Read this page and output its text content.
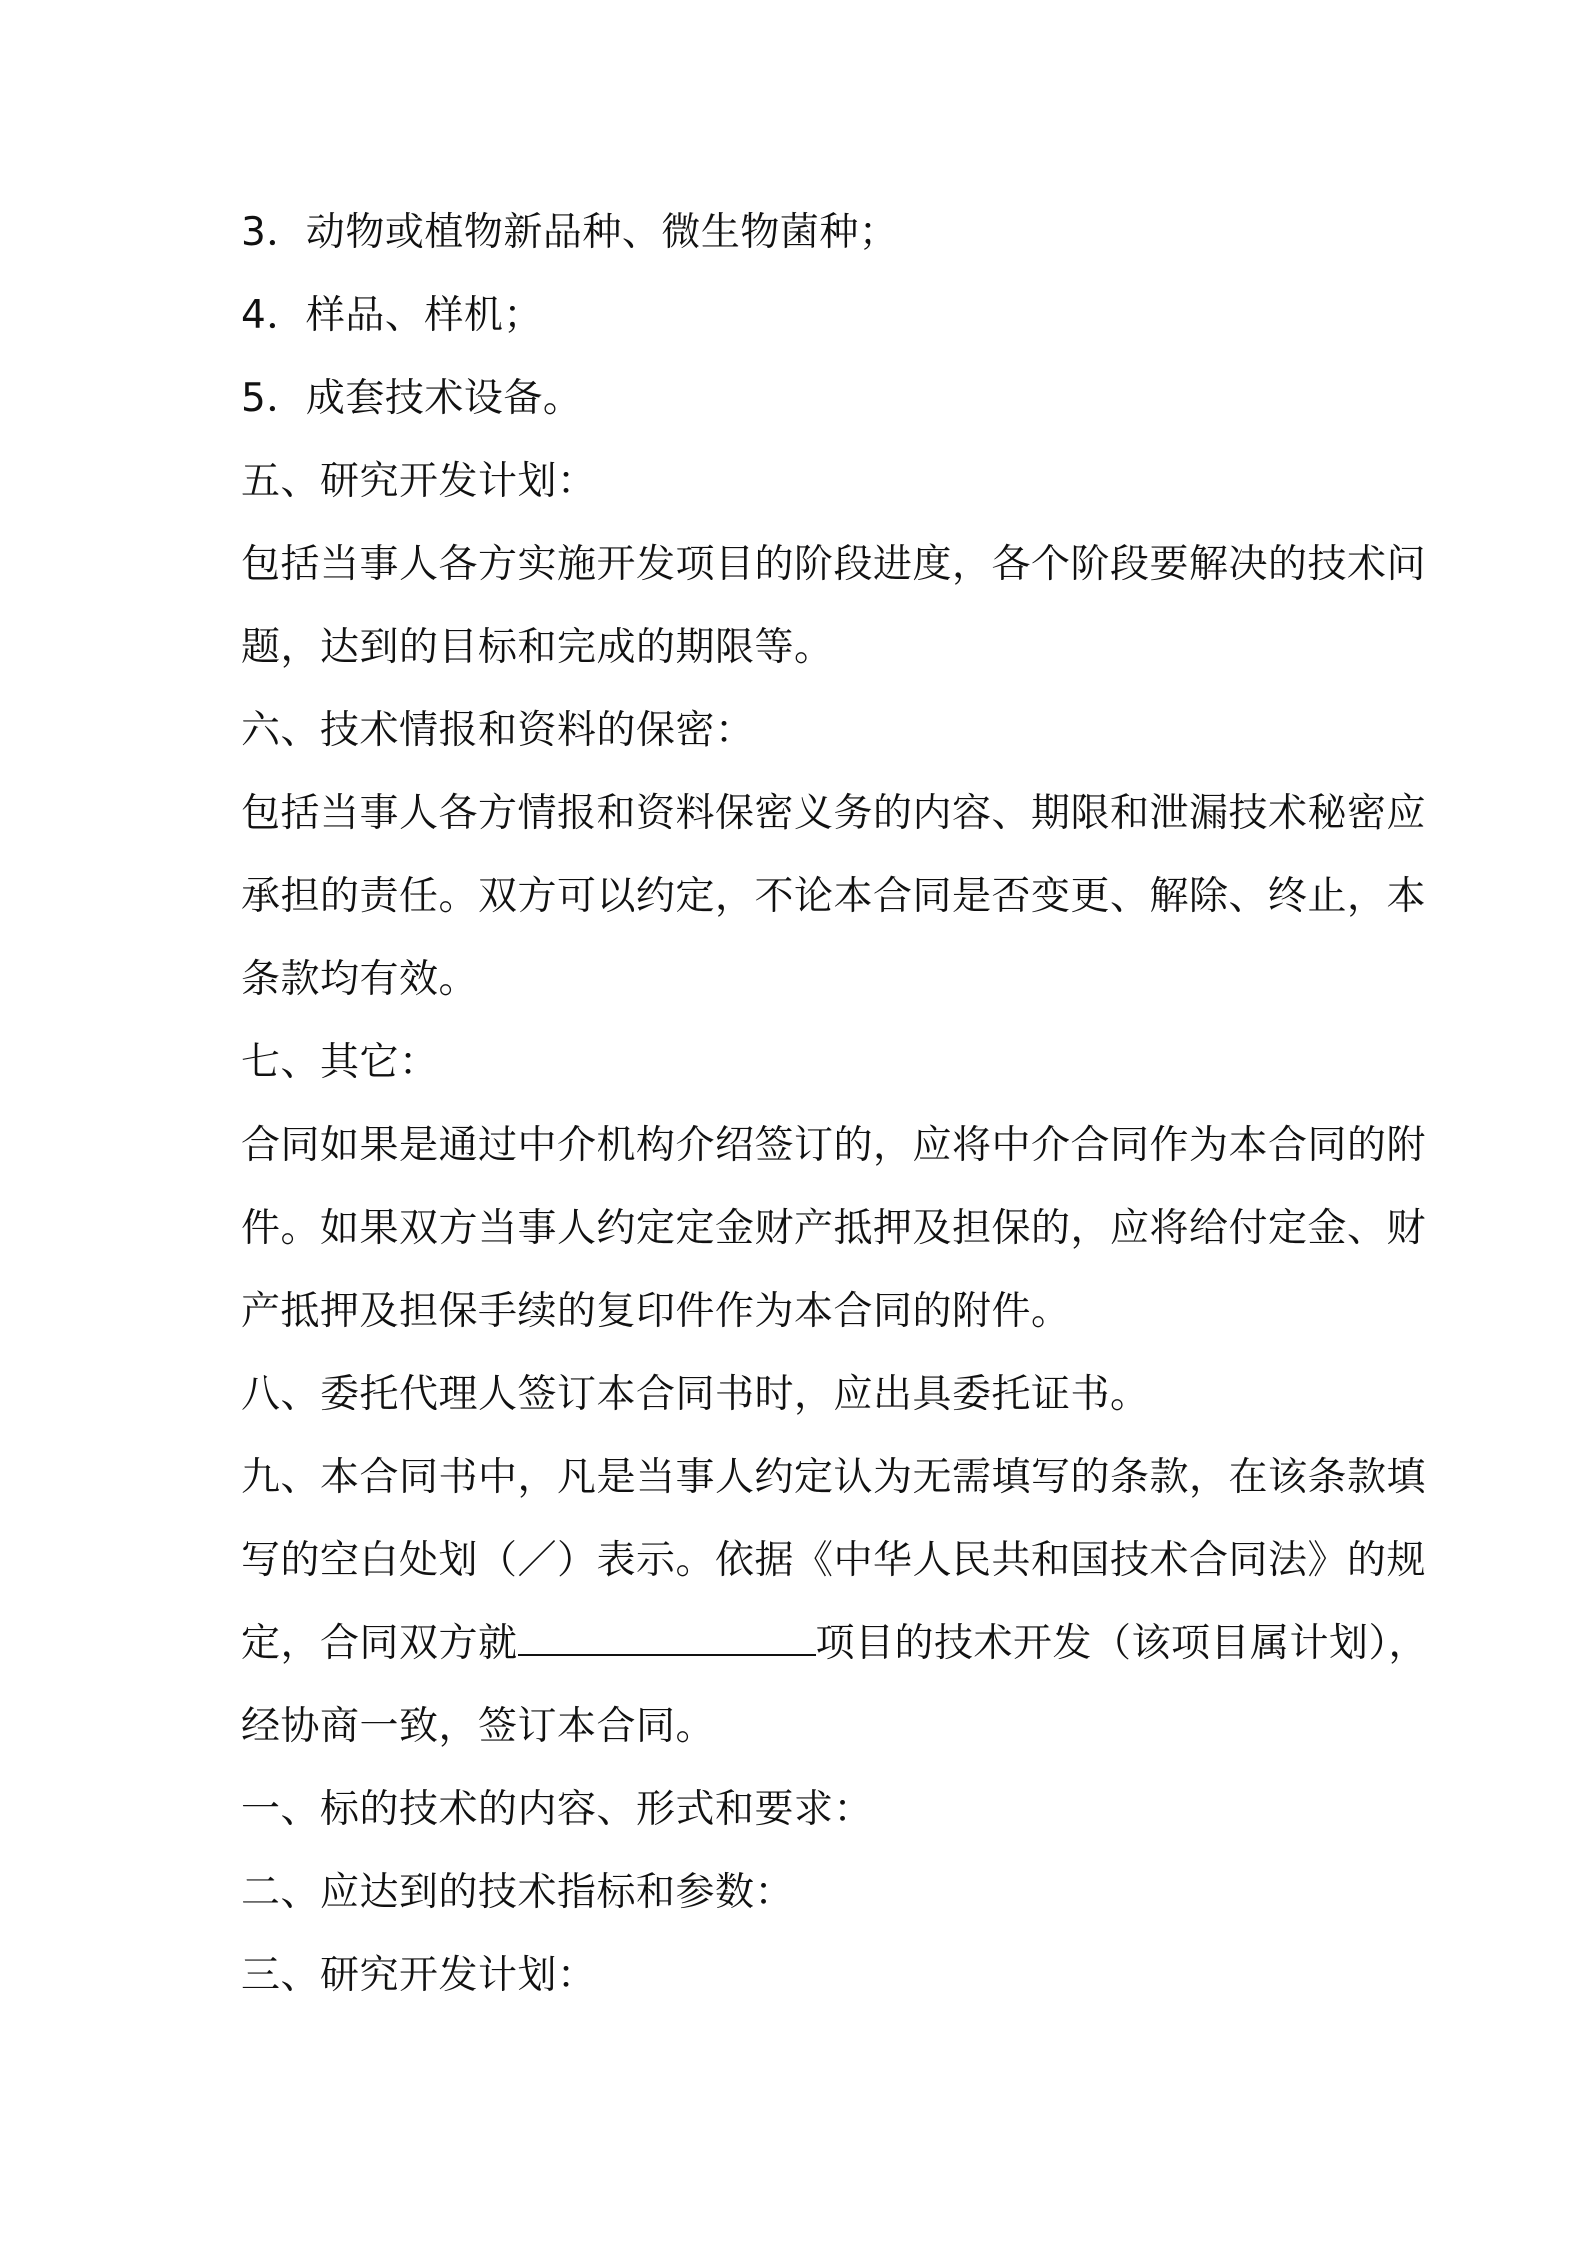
3．动物或植物新品种、微生物菌种；
4．样品、样机；
5．成套技术设备。
五、研究开发计划：
包括当事人各方实施开发项目的阶段进度，各个阶段要解决的技术问
题，达到的目标和完成的期限等。
六、技术情报和资料的保密：
包括当事人各方情报和资料保密义务的内容、期限和泄漏技术秘密应
承担的责任。双方可以约定，不论本合同是否变更、解除、终止，本
条款均有效。
七、其它：
合同如果是通过中介机构介绍签订的，应将中介合同作为本合同的附
件。如果双方当事人约定定金财产抵押及担保的，应将给付定金、财
产抵押及担保手续的复印件作为本合同的附件。
八、委托代理人签订本合同书时，应出具委托证书。
九、本合同书中，凡是当事人约定认为无需填写的条款，在该条款填
写的空白处划（／）表示。依据《中华人民共和国技术合同法》的规
定，合同双方就	项目的技术开发（该项目属计划），
经协商一致，签订本合同。
一、标的技术的内容、形式和要求：
二、应达到的技术指标和参数：
三、研究开发计划：
